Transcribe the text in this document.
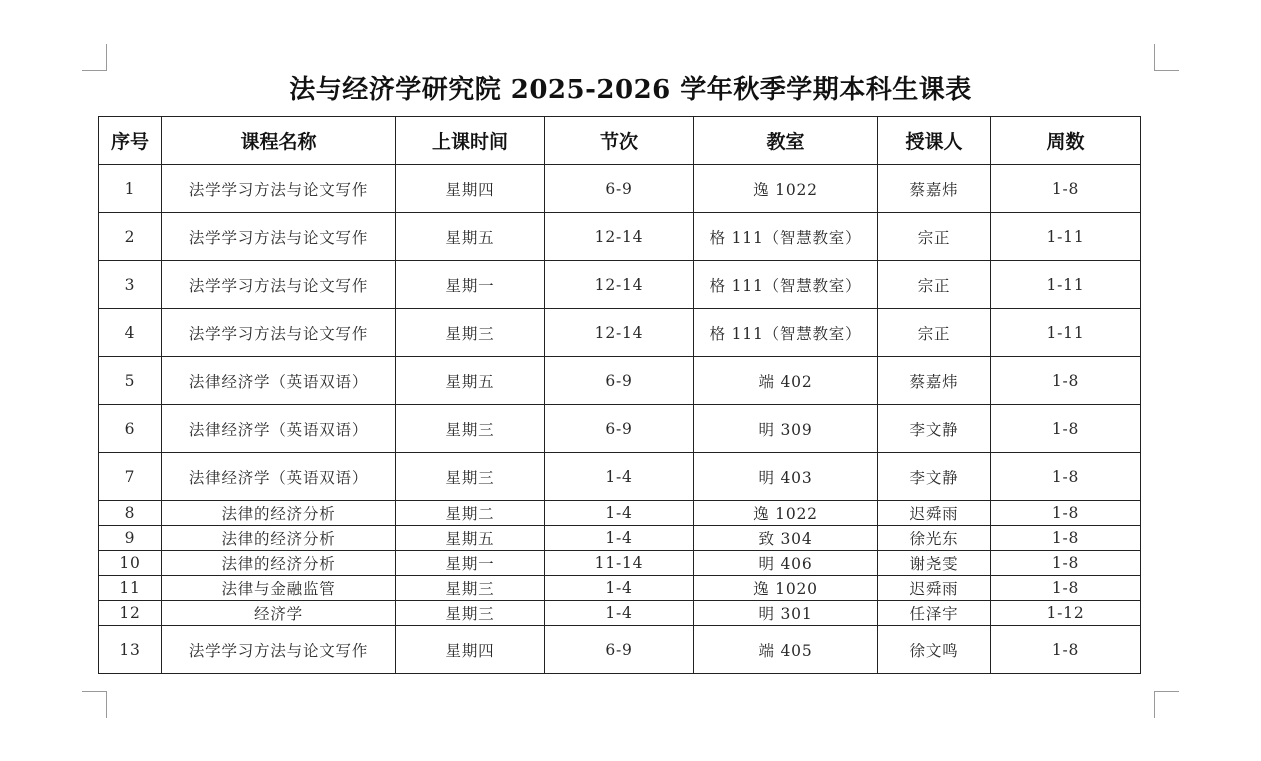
法与经济学研究院 2025-2026 学年秋季学期本科生课表
序号	课程名称	上课时间	节次	教室	授课人	周数
1	法学学习方法与论文写作	星期四	6-9	逸 1022	蔡嘉炜	1-8
2	法学学习方法与论文写作	星期五	12-14	格 111（智慧教室）	宗正	1-11
3	法学学习方法与论文写作	星期一	12-14	格 111（智慧教室）	宗正	1-11
4	法学学习方法与论文写作	星期三	12-14	格 111（智慧教室）	宗正	1-11
5	法律经济学（英语双语）	星期五	6-9	端 402	蔡嘉炜	1-8
6	法律经济学（英语双语）	星期三	6-9	明 309	李文静	1-8
7	法律经济学（英语双语）	星期三	1-4	明 403	李文静	1-8
8	法律的经济分析	星期二	1-4	逸 1022	迟舜雨	1-8
9	法律的经济分析	星期五	1-4	致 304	徐光东	1-8
10	法律的经济分析	星期一	11-14	明 406	谢尧雯	1-8
11	法律与金融监管	星期三	1-4	逸 1020	迟舜雨	1-8
12	经济学	星期三	1-4	明 301	任泽宇	1-12
13	法学学习方法与论文写作	星期四	6-9	端 405	徐文鸣	1-8
